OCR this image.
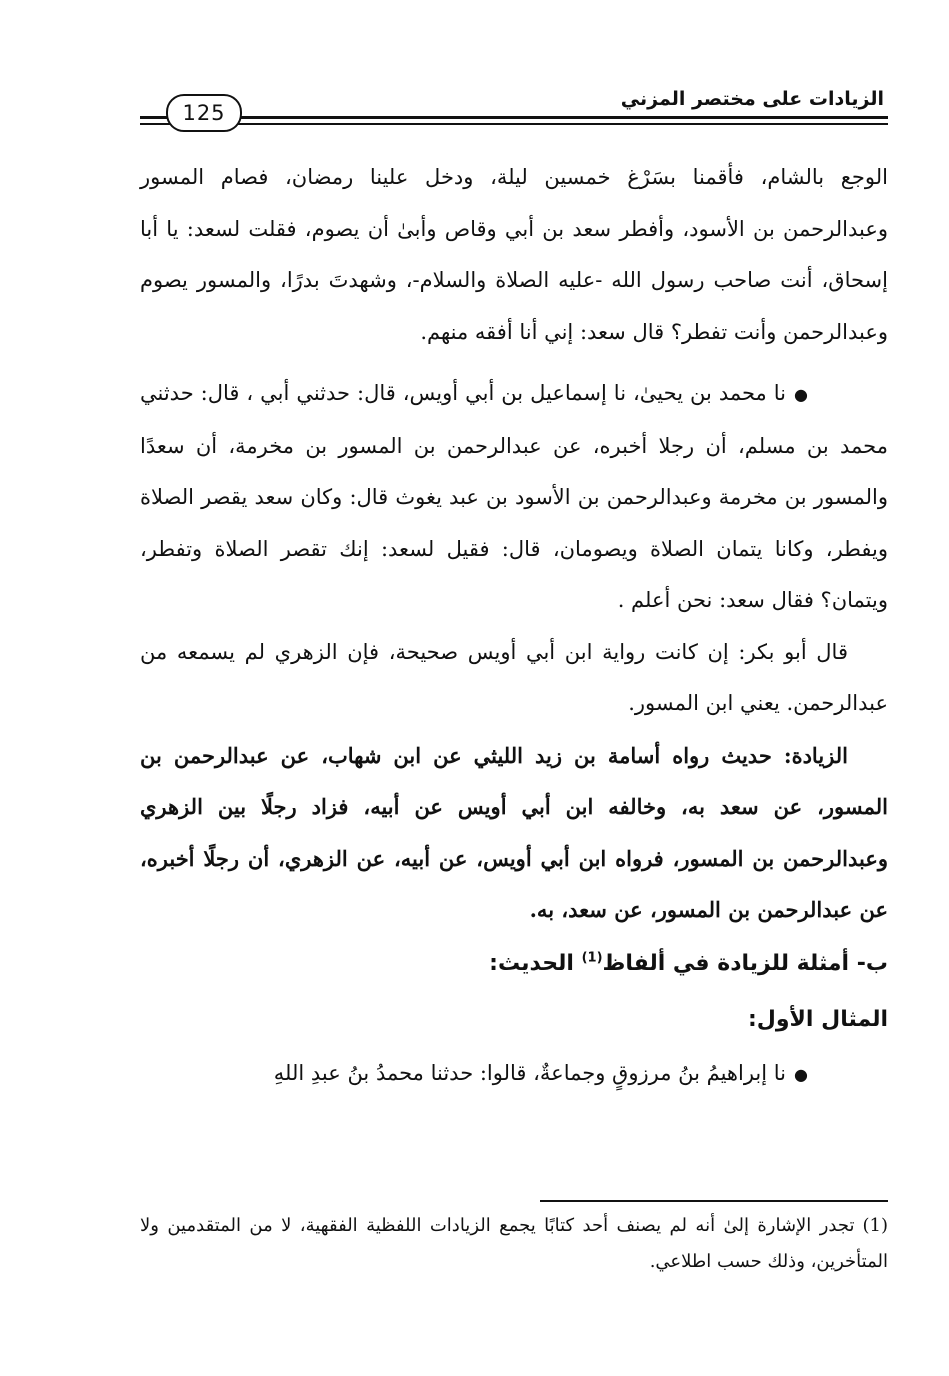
الزيادات على مختصر المزني
125

الوجع بالشام، فأقمنا بسَرْغ خمسين ليلة، ودخل علينا رمضان، فصام المسور وعبدالرحمن بن الأسود، وأفطر سعد بن أبي وقاص وأبىٰ أن يصوم، فقلت لسعد: يا أبا إسحاق، أنت صاحب رسول الله -عليه الصلاة والسلام-، وشهدتَ بدرًا، والمسور يصوم وعبدالرحمن وأنت تفطر؟ قال سعد: إني أنا أفقه منهم.

●نا محمد بن يحيىٰ، نا إسماعيل بن أبي أويس، قال: حدثني أبي ، قال: حدثني محمد بن مسلم، أن رجلا أخبره، عن عبدالرحمن بن المسور بن مخرمة، أن سعدًا والمسور بن مخرمة وعبدالرحمن بن الأسود بن عبد يغوث قال: وكان سعد يقصر الصلاة ويفطر، وكانا يتمان الصلاة ويصومان، قال: فقيل لسعد: إنك تقصر الصلاة وتفطر، ويتمان؟ فقال سعد: نحن أعلم .

قال أبو بكر: إن كانت رواية ابن أبي أويس صحيحة، فإن الزهري لم يسمعه من عبدالرحمن. يعني ابن المسور.

الزيادة: حديث رواه أسامة بن زيد الليثي عن ابن شهاب، عن عبدالرحمن بن المسور، عن سعد به، وخالفه ابن أبي أويس عن أبيه، فزاد رجلًا بين الزهري وعبدالرحمن بن المسور، فرواه ابن أبي أويس، عن أبيه، عن الزهري، أن رجلًا أخبره، عن عبدالرحمن بن المسور، عن سعد، به.

ب- أمثلة للزيادة في ألفاظ$^{(1)}$ الحديث:

المثال الأول:

●نا إبراهيمُ بنُ مرزوقٍ وجماعةٌ، قالوا: حدثنا محمدُ بنُ عبدِ اللهِ

(1)تجدر الإشارة إلىٰ أنه لم يصنف أحد كتابًا يجمع الزيادات اللفظية الفقهية، لا من المتقدمين ولا المتأخرين، وذلك حسب اطلاعي.
